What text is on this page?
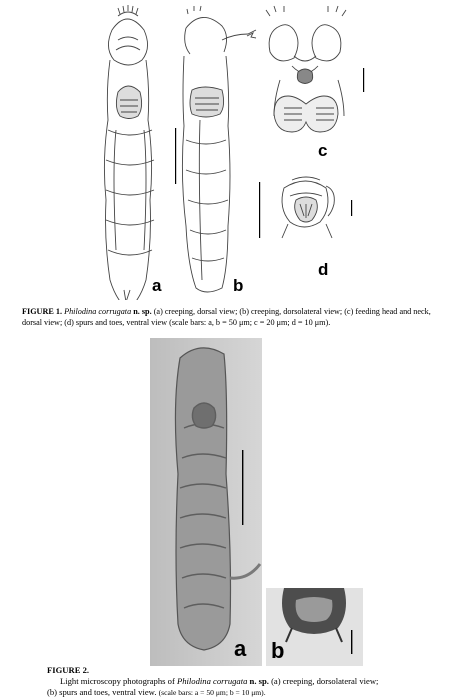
a	b
c
d
FIGURE 1. Philodina corrugata n. sp. (a) creeping, dorsal view; (b) creeping, dorsolateral view; (c) feeding head and neck, dorsal view; (d) spurs and toes, ventral view (scale bars: a, b = 50 μm; c = 20 μm; d = 10 μm).
a b
FIGURE 2.
Light microscopy photographs of Philodina corrugata n. sp. (a) creeping, dorsolateral view;
(b) spurs and toes, ventral view. (scale bars: a = 50 μm; b = 10 μm).
